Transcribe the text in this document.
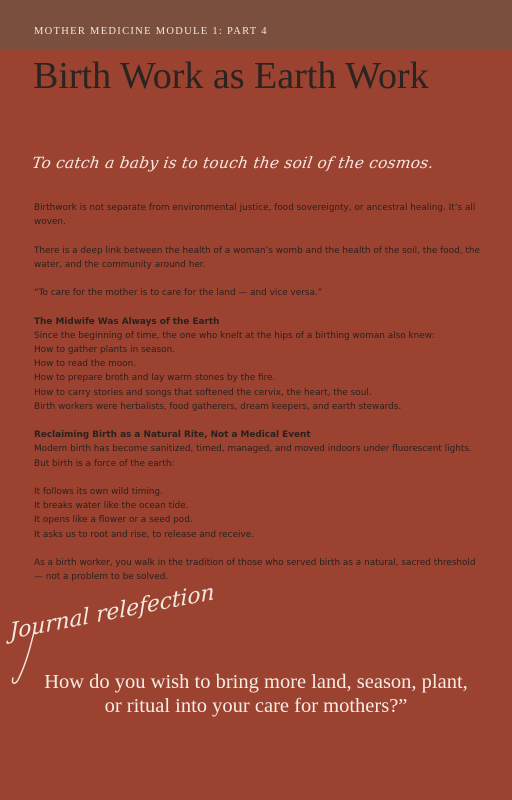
MOTHER MEDICINE MODULE 1: PART 4
Birth Work as Earth Work
To catch a baby is to touch the soil of the cosmos.

Birthwork is not separate from environmental justice, food sovereignty, or ancestral healing. It’s all woven.

There is a deep link between the health of a woman’s womb and the health of the soil, the food, the water, and the community around her.

“To care for the mother is to care for the land — and vice versa.”

The Midwife Was Always of the Earth
Since the beginning of time, the one who knelt at the hips of a birthing woman also knew:
How to gather plants in season.
How to read the moon.
How to prepare broth and lay warm stones by the fire.
How to carry stories and songs that softened the cervix, the heart, the soul.
Birth workers were herbalists, food gatherers, dream keepers, and earth stewards.

Reclaiming Birth as a Natural Rite, Not a Medical Event
Modern birth has become sanitized, timed, managed, and moved indoors under fluorescent lights. But birth is a force of the earth:

It follows its own wild timing.
It breaks water like the ocean tide.
It opens like a flower or a seed pod.
It asks us to root and rise, to release and receive.

As a birth worker, you walk in the tradition of those who served birth as a natural, sacred threshold — not a problem to be solved.

Journal relefection
How do you wish to bring more land, season, plant, or ritual into your care for mothers?”
